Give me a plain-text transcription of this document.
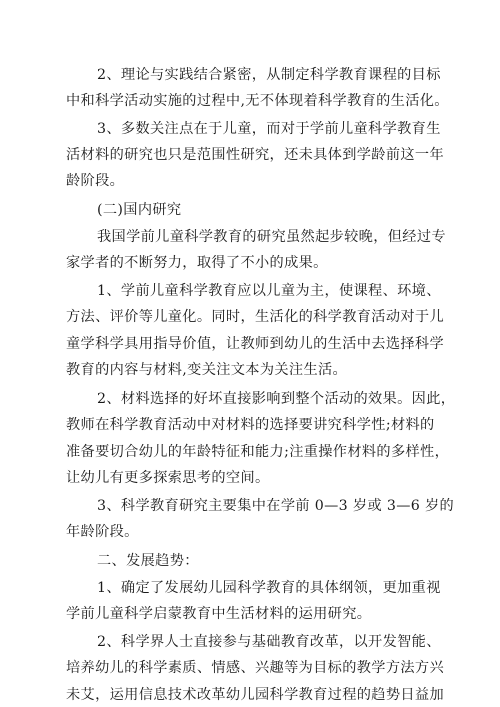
2、理论与实践结合紧密，从制定科学教育课程的目标
中和科学活动实施的过程中,无不体现着科学教育的生活化。
3、多数关注点在于儿童，而对于学前儿童科学教育生
活材料的研究也只是范围性研究，还未具体到学龄前这一年
龄阶段。
(二)国内研究
我国学前儿童科学教育的研究虽然起步较晚，但经过专
家学者的不断努力，取得了不小的成果。
1、学前儿童科学教育应以儿童为主，使课程、环境、
方法、评价等儿童化。同时，生活化的科学教育活动对于儿
童学科学具用指导价值，让教师到幼儿的生活中去选择科学
教育的内容与材料,变关注文本为关注生活。
2、材料选择的好坏直接影响到整个活动的效果。因此，
教师在科学教育活动中对材料的选择要讲究科学性;材料的
准备要切合幼儿的年龄特征和能力;注重操作材料的多样性，
让幼儿有更多探索思考的空间。
3、科学教育研究主要集中在学前 0—3 岁或 3—6 岁的
年龄阶段。
二、发展趋势：
1、确定了发展幼儿园科学教育的具体纲领，更加重视
学前儿童科学启蒙教育中生活材料的运用研究。
2、科学界人士直接参与基础教育改革，以开发智能、
培养幼儿的科学素质、情感、兴趣等为目标的教学方法方兴
未艾，运用信息技术改革幼儿园科学教育过程的趋势日益加
